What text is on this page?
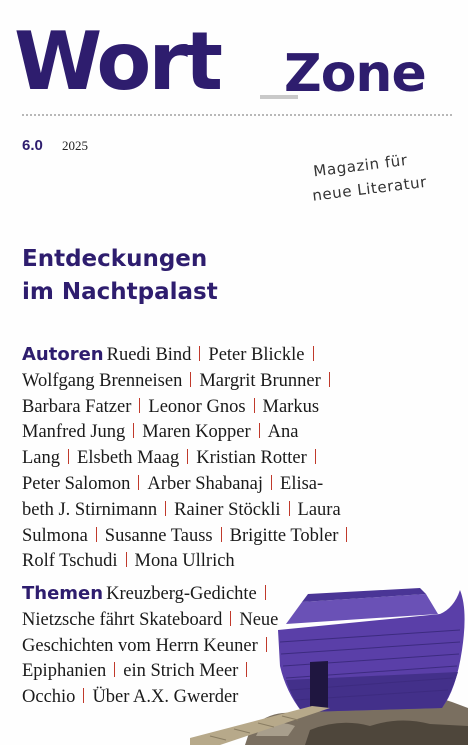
Wort Zone
6.0 2025
Magazin für
neue Literatur
Entdeckungen
im Nachtpalast
Autoren Ruedi Bind Peter Blickle
Wolfgang Brenneisen Margrit Brunner
Barbara Fatzer Leonor Gnos Markus
Manfred Jung Maren Kopper Ana
Lang Elsbeth Maag Kristian Rotter
Peter Salomon Arber Shabanaj Elisa-
beth J. Stirnimann Rainer Stöckli Laura
Sulmona Susanne Tauss Brigitte Tobler
Rolf Tschudi Mona Ullrich
Themen Kreuzberg-Gedichte
Nietzsche fährt Skateboard Neue
Geschichten vom Herrn Keuner
Epiphanien ein Strich Meer
Occhio Über A.X. Gwerder
